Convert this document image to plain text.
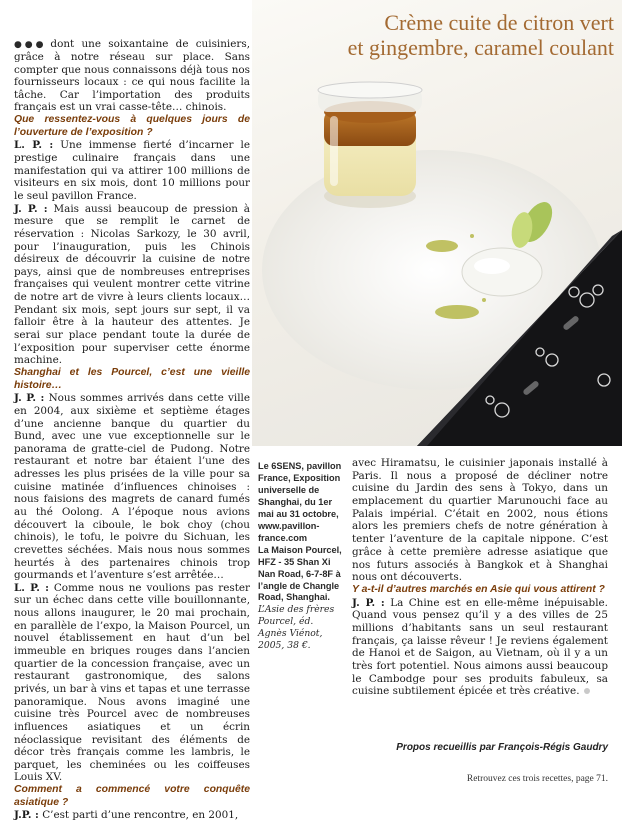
Crème cuite de citron vert
et gingembre, caramel coulant

●●● dont une soixantaine de cuisiniers, grâce à notre réseau sur place. Sans compter que nous connaissons déjà tous nos fournisseurs locaux : ce qui nous facilite la tâche. Car l’importation des produits français est un vrai casse-tête… chinois.

Que ressentez-vous à quelques jours de l’ouverture de l’exposition ?

L. P. : Une immense fierté d’incarner le prestige culinaire français dans une manifestation qui va attirer 100 millions de visiteurs en six mois, dont 10 millions pour le seul pavillon France.

J. P. : Mais aussi beaucoup de pression à mesure que se remplit le carnet de réservation : Nicolas Sarkozy, le 30 avril, pour l’inauguration, puis les Chinois désireux de découvrir la cuisine de notre pays, ainsi que de nombreuses entreprises françaises qui veulent montrer cette vitrine de notre art de vivre à leurs clients locaux… Pendant six mois, sept jours sur sept, il va falloir être à la hauteur des attentes. Je serai sur place pendant toute la durée de l’exposition pour superviser cette énorme machine.

Shanghai et les Pourcel, c’est une vieille histoire…

J. P. : Nous sommes arrivés dans cette ville en 2004, aux sixième et septième étages d’une ancienne banque du quartier du Bund, avec une vue exceptionnelle sur le panorama de gratte-ciel de Pudong. Notre restaurant et notre bar étaient l’une des adresses les plus prisées de la ville pour sa cuisine matinée d’influences chinoises : nous faisions des magrets de canard fumés au thé Oolong. A l’époque nous avions découvert la ciboule, le bok choy (chou chinois), le tofu, le poivre du Sichuan, les crevettes séchées. Mais nous nous sommes heurtés à des partenaires chinois trop gourmands et l’aventure s’est arrêtée…

L. P. : Comme nous ne voulions pas rester sur un échec dans cette ville bouillonnante, nous allons inaugurer, le 20 mai prochain, en parallèle de l’expo, la Maison Pourcel, un nouvel établissement en haut d’un bel immeuble en briques rouges dans l’ancien quartier de la concession française, avec un restaurant gastronomique, des salons privés, un bar à vins et tapas et une terrasse panoramique. Nous avons imaginé une cuisine très Pourcel avec de nombreuses influences asiatiques et un écrin néoclassique revisitant des éléments de décor très français comme les lambris, le parquet, les cheminées ou les coiffeuses Louis XV.

Comment a commencé votre conquête asiatique ?

J.P. : C’est parti d’une rencontre, en 2001,

Le 6SENS, pavillon France, Exposition universelle de Shanghai, du 1er mai au 31 octobre, www.pavillon-france.com

La Maison Pourcel, HFZ - 35 Shan Xi Nan Road, 6-7-8F à l’angle de Changle Road, Shanghai.

L’Asie des frères Pourcel, éd. Agnès Viénot, 2005, 38 €.

avec Hiramatsu, le cuisinier japonais installé à Paris. Il nous a proposé de décliner notre cuisine du Jardin des sens à Tokyo, dans un emplacement du quartier Marunouchi face au Palais impérial. C’était en 2002, nous étions alors les premiers chefs de notre génération à tenter l’aventure de la capitale nippone. C’est grâce à cette première adresse asiatique que nos futurs associés à Bangkok et à Shanghai nous ont découverts.

Y a-t-il d’autres marchés en Asie qui vous attirent ?

J. P. : La Chine est en elle-même inépuisable. Quand vous pensez qu’il y a des villes de 25 millions d’habitants sans un seul restaurant français, ça laisse rêveur ! Je reviens également de Hanoi et de Saigon, au Vietnam, où il y a un très fort potentiel. Nous aimons aussi beaucoup le Cambodge pour ses produits fabuleux, sa cuisine subtilement épicée et très créative.

Propos recueillis par François-Régis Gaudry
Retrouvez ces trois recettes, page 71.
